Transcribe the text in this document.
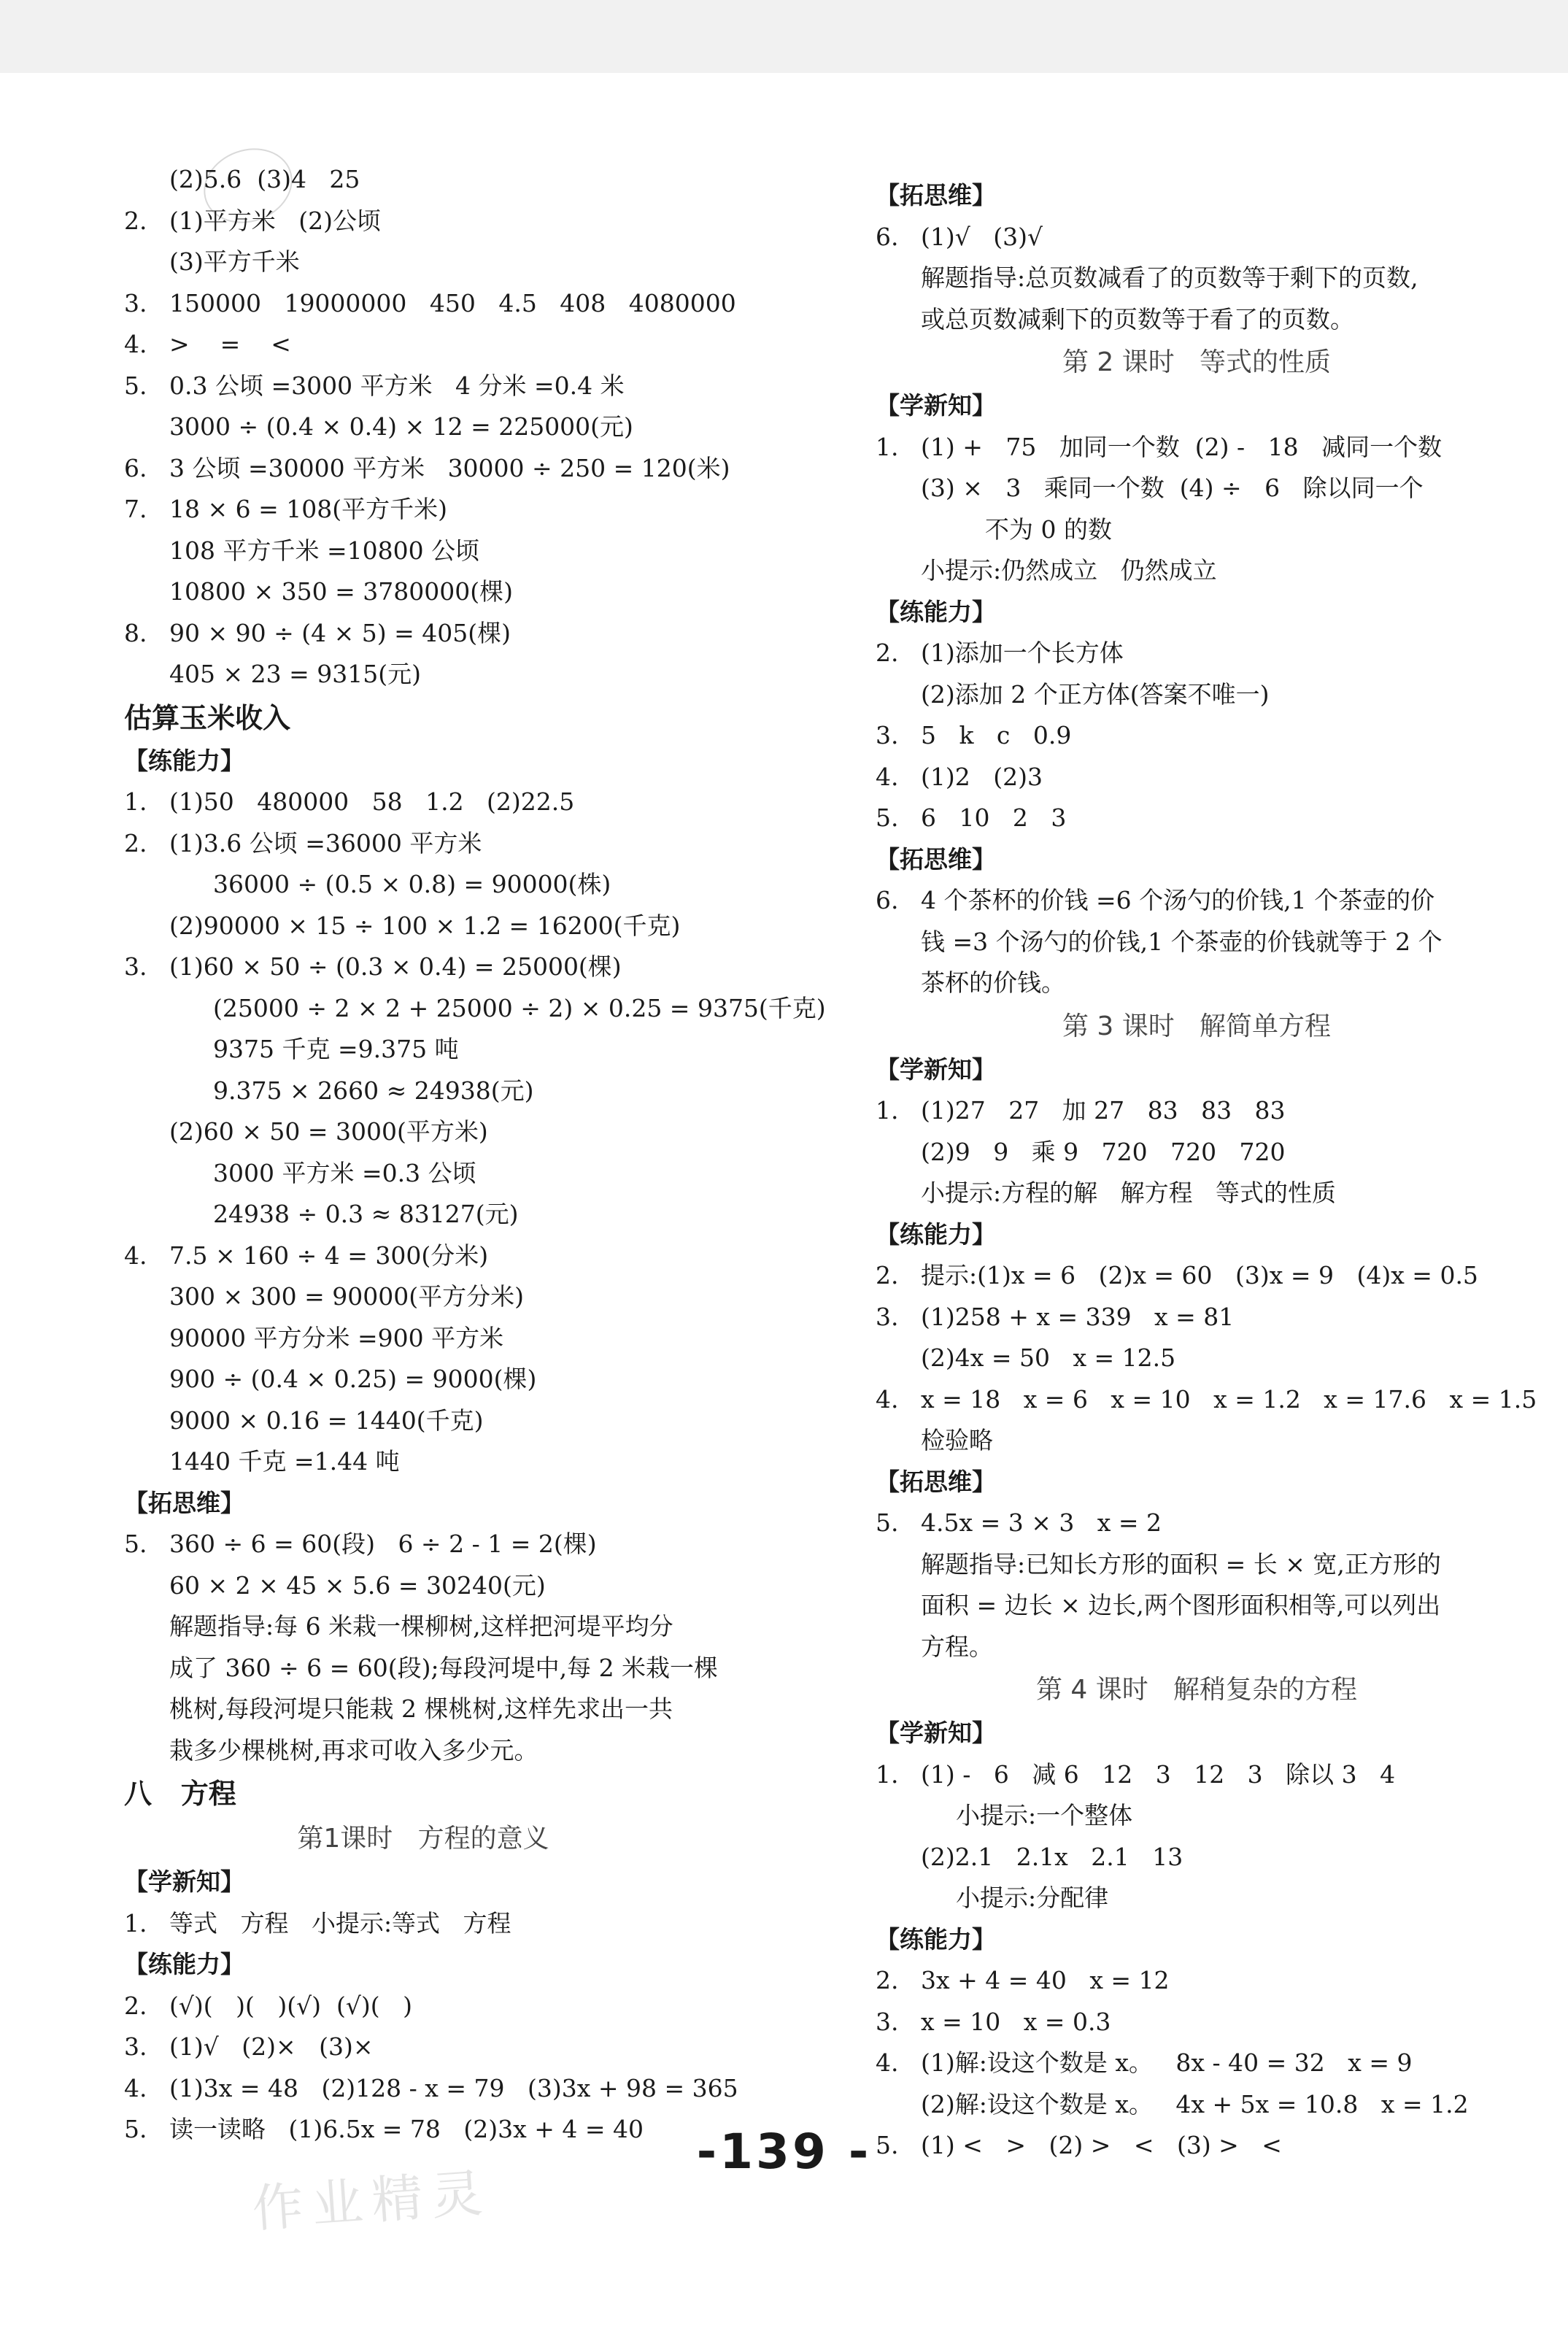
(2)5.6  (3)4   25
2. (1)平方米   (2)公顷
(3)平方千米
3. 150000   19000000   450   4.5   408   4080000
4. >    =    <
5. 0.3 公顷 =3000 平方米   4 分米 =0.4 米
3000 ÷ (0.4 × 0.4) × 12 = 225000(元)
6. 3 公顷 =30000 平方米   30000 ÷ 250 = 120(米)
7. 18 × 6 = 108(平方千米)
108 平方千米 =10800 公顷
10800 × 350 = 3780000(棵)
8. 90 × 90 ÷ (4 × 5) = 405(棵)
405 × 23 = 9315(元)
估算玉米收入
【练能力】
1. (1)50   480000   58   1.2   (2)22.5
2. (1)3.6 公顷 =36000 平方米
36000 ÷ (0.5 × 0.8) = 90000(株)
(2)90000 × 15 ÷ 100 × 1.2 = 16200(千克)
3. (1)60 × 50 ÷ (0.3 × 0.4) = 25000(棵)
(25000 ÷ 2 × 2 + 25000 ÷ 2) × 0.25 = 9375(千克)
9375 千克 =9.375 吨
9.375 × 2660 ≈ 24938(元)
(2)60 × 50 = 3000(平方米)
3000 平方米 =0.3 公顷
24938 ÷ 0.3 ≈ 83127(元)
4. 7.5 × 160 ÷ 4 = 300(分米)
300 × 300 = 90000(平方分米)
90000 平方分米 =900 平方米
900 ÷ (0.4 × 0.25) = 9000(棵)
9000 × 0.16 = 1440(千克)
1440 千克 =1.44 吨
【拓思维】
5. 360 ÷ 6 = 60(段)   6 ÷ 2 - 1 = 2(棵)
60 × 2 × 45 × 5.6 = 30240(元)
解题指导:每 6 米栽一棵柳树,这样把河堤平均分
成了 360 ÷ 6 = 60(段);每段河堤中,每 2 米栽一棵
桃树,每段河堤只能栽 2 棵桃树,这样先求出一共
栽多少棵桃树,再求可收入多少元。
八   方程
第1课时   方程的意义
【学新知】
1. 等式   方程   小提示:等式   方程
【练能力】
2. (√)(   )(   )(√)  (√)(   )
3. (1)√   (2)×   (3)×
4. (1)3x = 48   (2)128 - x = 79   (3)3x + 98 = 365
5. 读一读略   (1)6.5x = 78   (2)3x + 4 = 40
【拓思维】
6. (1)√   (3)√
解题指导:总页数减看了的页数等于剩下的页数,
或总页数减剩下的页数等于看了的页数。
第 2 课时   等式的性质
【学新知】
1. (1) +   75   加同一个数  (2) -   18   减同一个数
(3) ×   3   乘同一个数  (4) ÷   6   除以同一个
不为 0 的数
小提示:仍然成立   仍然成立
【练能力】
2. (1)添加一个长方体
(2)添加 2 个正方体(答案不唯一)
3. 5   k   c   0.9
4. (1)2   (2)3
5. 6   10   2   3
【拓思维】
6. 4 个茶杯的价钱 =6 个汤勺的价钱,1 个茶壶的价
钱 =3 个汤勺的价钱,1 个茶壶的价钱就等于 2 个
茶杯的价钱。
第 3 课时   解简单方程
【学新知】
1. (1)27   27   加 27   83   83   83
(2)9   9   乘 9   720   720   720
小提示:方程的解   解方程   等式的性质
【练能力】
2. 提示:(1)x = 6   (2)x = 60   (3)x = 9   (4)x = 0.5
3. (1)258 + x = 339   x = 81
(2)4x = 50   x = 12.5
4. x = 18   x = 6   x = 10   x = 1.2   x = 17.6   x = 1.5
检验略
【拓思维】
5. 4.5x = 3 × 3   x = 2
解题指导:已知长方形的面积 = 长 × 宽,正方形的
面积 = 边长 × 边长,两个图形面积相等,可以列出
方程。
第 4 课时   解稍复杂的方程
【学新知】
1. (1) -   6   减 6   12   3   12   3   除以 3   4
小提示:一个整体
(2)2.1   2.1x   2.1   13
小提示:分配律
【练能力】
2. 3x + 4 = 40   x = 12
3. x = 10   x = 0.3
4. (1)解:设这个数是 x。   8x - 40 = 32   x = 9
(2)解:设这个数是 x。   4x + 5x = 10.8   x = 1.2
5. (1) <   >   (2) >   <   (3) >   <
作业精灵
-139 -
